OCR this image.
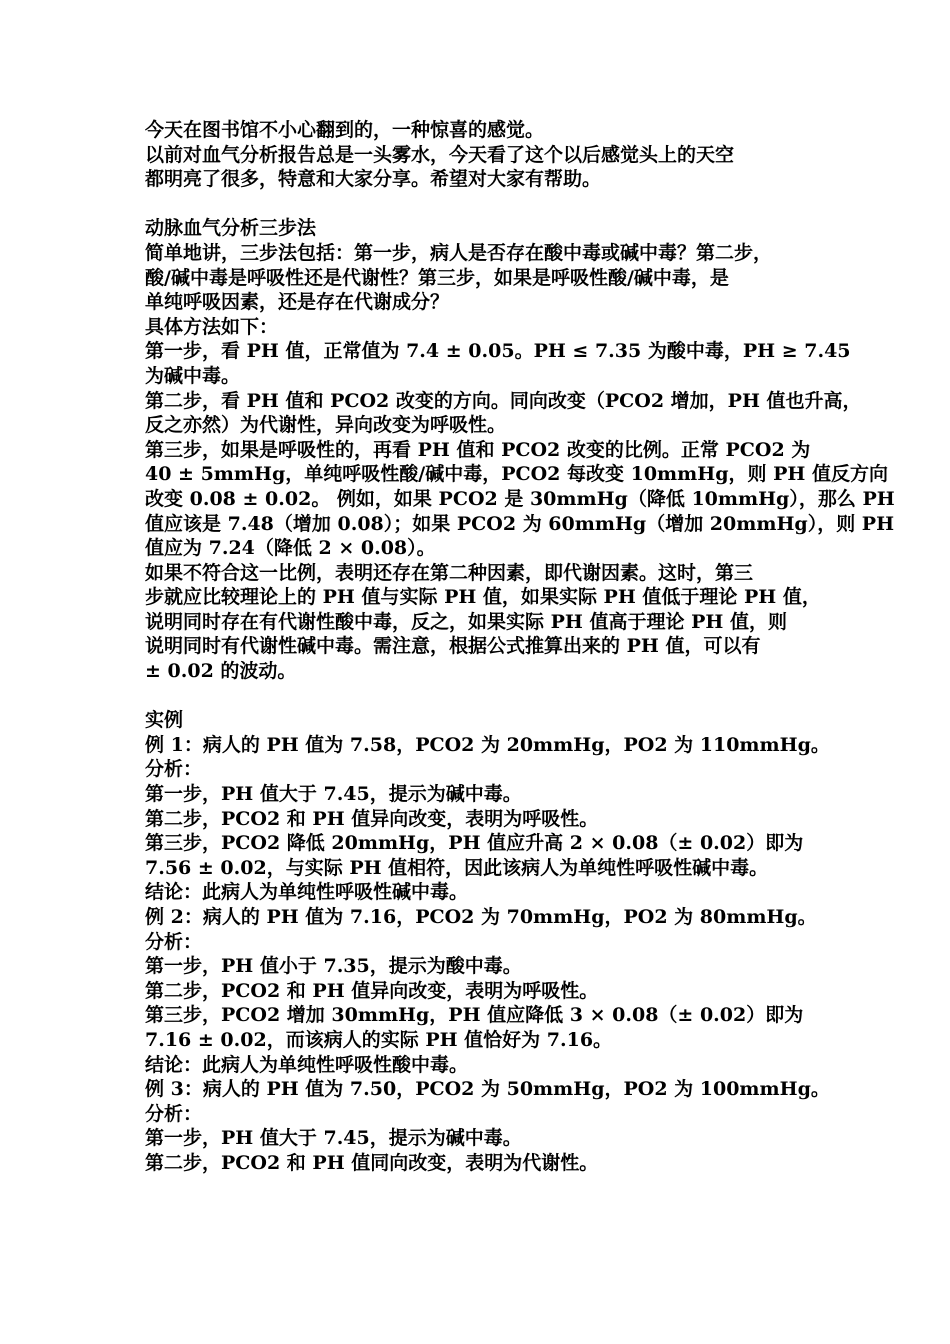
今天在图书馆不小心翻到的，一种惊喜的感觉。
以前对血气分析报告总是一头雾水，今天看了这个以后感觉头上的天空
都明亮了很多，特意和大家分享。希望对大家有帮助。
动脉血气分析三步法
简单地讲，三步法包括：第一步，病人是否存在酸中毒或碱中毒？第二步，
酸/碱中毒是呼吸性还是代谢性？第三步，如果是呼吸性酸/碱中毒，是
单纯呼吸因素，还是存在代谢成分？
具体方法如下：
第一步，看 PH 值，正常值为 7.4 ± 0.05。PH ≤ 7.35 为酸中毒，PH ≥ 7.45
为碱中毒。
第二步，看 PH 值和 PCO2 改变的方向。同向改变（PCO2 增加，PH 值也升高，
反之亦然）为代谢性，异向改变为呼吸性。
第三步，如果是呼吸性的，再看 PH 值和 PCO2 改变的比例。正常 PCO2 为
40 ± 5mmHg，单纯呼吸性酸/碱中毒，PCO2 每改变 10mmHg，则 PH 值反方向
改变 0.08 ± 0.02。 例如，如果 PCO2 是 30mmHg（降低 10mmHg），那么 PH
值应该是 7.48（增加 0.08）；如果 PCO2 为 60mmHg（增加 20mmHg），则 PH
值应为 7.24（降低 2 × 0.08）。
如果不符合这一比例，表明还存在第二种因素，即代谢因素。这时，第三
步就应比较理论上的 PH 值与实际 PH 值，如果实际 PH 值低于理论 PH 值，
说明同时存在有代谢性酸中毒，反之，如果实际 PH 值高于理论 PH 值，则
说明同时有代谢性碱中毒。需注意，根据公式推算出来的 PH 值，可以有
± 0.02 的波动。
实例
例 1：病人的 PH 值为 7.58，PCO2 为 20mmHg，PO2 为 110mmHg。
分析：
第一步，PH 值大于 7.45，提示为碱中毒。
第二步，PCO2 和 PH 值异向改变，表明为呼吸性。
第三步，PCO2 降低 20mmHg，PH 值应升高 2 × 0.08（± 0.02）即为
7.56 ± 0.02，与实际 PH 值相符，因此该病人为单纯性呼吸性碱中毒。
结论：此病人为单纯性呼吸性碱中毒。
例 2：病人的 PH 值为 7.16，PCO2 为 70mmHg，PO2 为 80mmHg。
分析：
第一步，PH 值小于 7.35，提示为酸中毒。
第二步，PCO2 和 PH 值异向改变，表明为呼吸性。
第三步，PCO2 增加 30mmHg，PH 值应降低 3 × 0.08（± 0.02）即为
7.16 ± 0.02，而该病人的实际 PH 值恰好为 7.16。
结论：此病人为单纯性呼吸性酸中毒。
例 3：病人的 PH 值为 7.50，PCO2 为 50mmHg，PO2 为 100mmHg。
分析：
第一步，PH 值大于 7.45，提示为碱中毒。
第二步，PCO2 和 PH 值同向改变，表明为代谢性。
